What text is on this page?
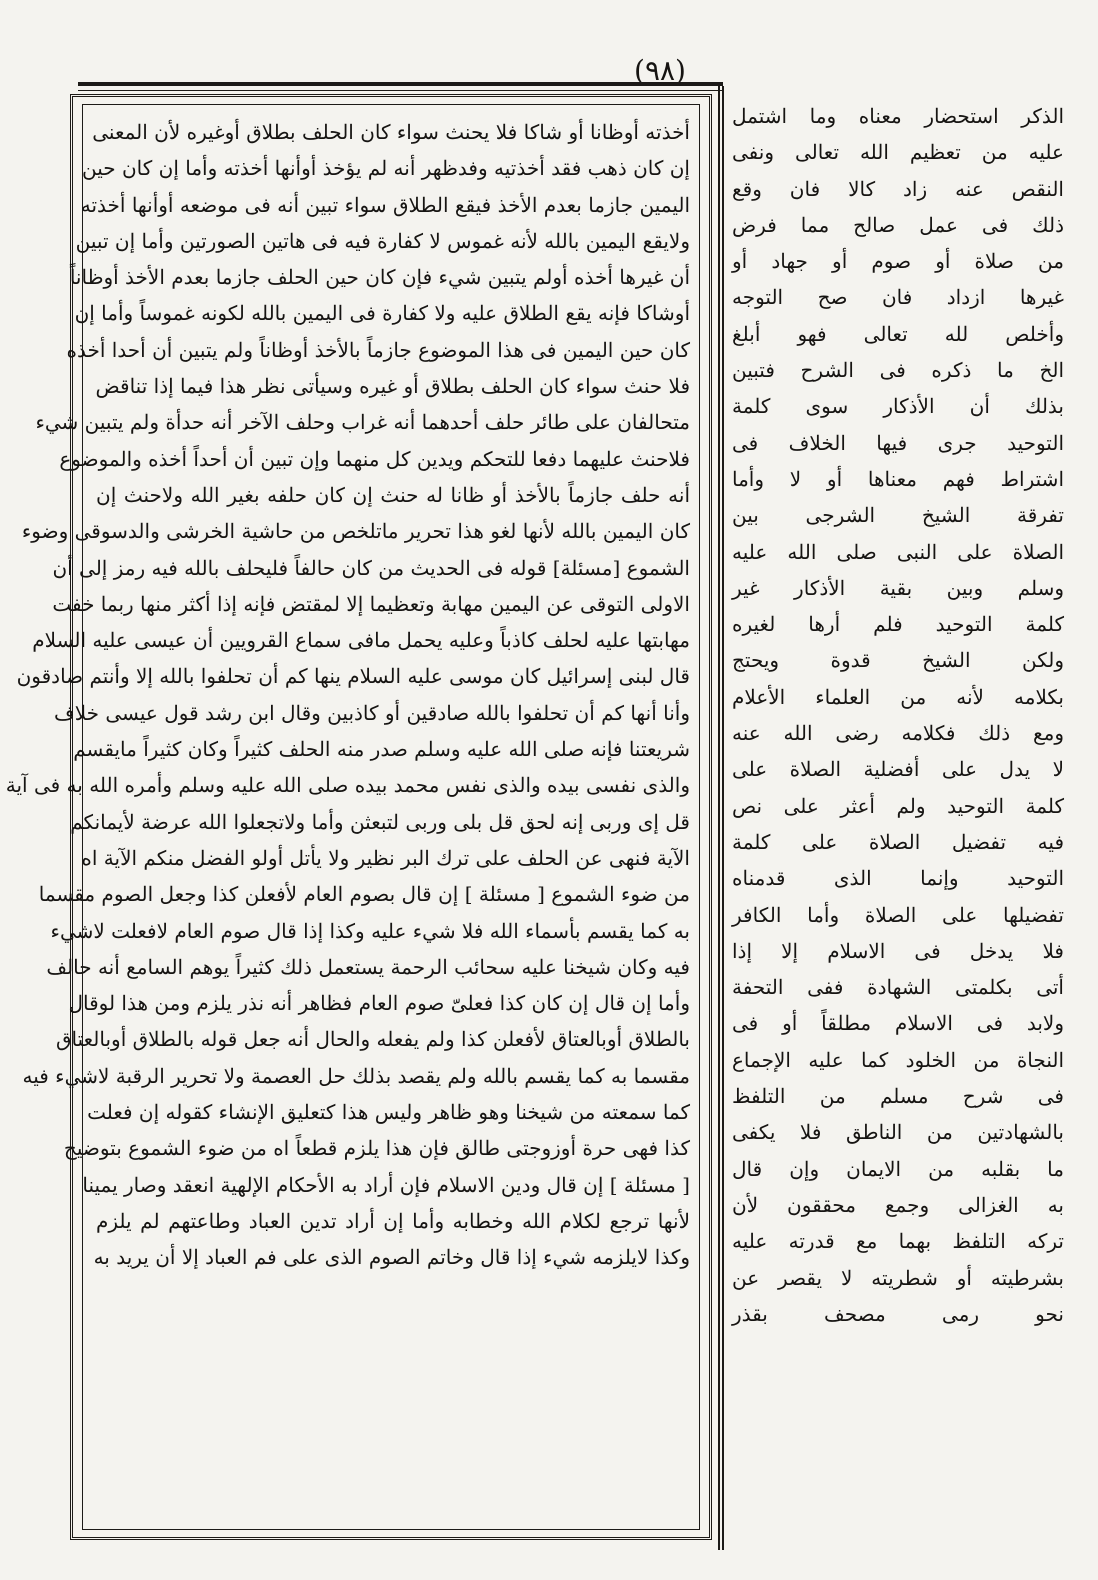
(٩٨)
أخذته أوظانا أو شاكا فلا يحنث سواء كان الحلف بطلاق أوغيره لأن المعنى
إن كان ذهب فقد أخذتيه وفدظهر أنه لم يؤخذ أوأنها أخذته وأما إن كان حين
اليمين جازما بعدم الأخذ فيقع الطلاق سواء تبين أنه فى موضعه أوأنها أخذته
ولايقع اليمين بالله لأنه غموس لا كفارة فيه فى هاتين الصورتين وأما إن تبين
أن غيرها أخذه أولم يتبين شيء فإن كان حين الحلف جازما بعدم الأخذ أوظاناً
أوشاكا فإنه يقع الطلاق عليه ولا كفارة فى اليمين بالله لكونه غموساً وأما إن
كان حين اليمين فى هذا الموضوع جازماً بالأخذ أوظاناً ولم يتبين أن أحدا أخذه
فلا حنث سواء كان الحلف بطلاق أو غيره وسيأتى نظر هذا فيما إذا تناقض
متحالفان على طائر حلف أحدهما أنه غراب وحلف الآخر أنه حدأة ولم يتبين شيء
فلاحنث عليهما دفعا للتحكم ويدين كل منهما وإن تبين أن أحداً أخذه والموضوع
أنه حلف جازماً بالأخذ أو ظانا له حنث إن كان حلفه بغير الله ولاحنث إن
كان اليمين بالله لأنها لغو هذا تحرير ماتلخص من حاشية الخرشى والدسوقى وضوء
الشموع [مسئلة] قوله فى الحديث من كان حالفاً فليحلف بالله فيه رمز إلى أن
الاولى التوقى عن اليمين مهابة وتعظيما إلا لمقتض فإنه إذا أكثر منها ربما خفت
مهابتها عليه لحلف كاذباً وعليه يحمل مافى سماع القرويين أن عيسى عليه السلام
قال لبنى إسرائيل كان موسى عليه السلام ينها كم أن تحلفوا بالله إلا وأنتم صادقون
وأنا أنها كم أن تحلفوا بالله صادقين أو كاذبين وقال ابن رشد قول عيسى خلاف
شريعتنا فإنه صلى الله عليه وسلم صدر منه الحلف كثيراً وكان كثيراً مايقسم
والذى نفسى بيده والذى نفس محمد بيده صلى الله عليه وسلم وأمره الله به فى آية
قل إى وربى إنه لحق قل بلى وربى لتبعثن وأما ولاتجعلوا الله عرضة لأيمانكم
الآية فنهى عن الحلف على ترك البر نظير ولا يأتل أولو الفضل منكم الآية اه
من ضوء الشموع [ مسئلة ] إن قال بصوم العام لأفعلن كذا وجعل الصوم مقسما
به كما يقسم بأسماء الله فلا شيء عليه وكذا إذا قال صوم العام لافعلت لاشيء
فيه وكان شيخنا عليه سحائب الرحمة يستعمل ذلك كثيراً يوهم السامع أنه حالف
وأما إن قال إن كان كذا فعلىّ صوم العام فظاهر أنه نذر يلزم ومن هذا لوقال
بالطلاق أوبالعتاق لأفعلن كذا ولم يفعله والحال أنه جعل قوله بالطلاق أوبالعتاق
مقسما به كما يقسم بالله ولم يقصد بذلك حل العصمة ولا تحرير الرقبة لاشيء فيه
كما سمعته من شيخنا وهو ظاهر وليس هذا كتعليق الإنشاء كقوله إن فعلت
كذا فهى حرة أوزوجتى طالق فإن هذا يلزم قطعاً اه من ضوء الشموع بتوضيح
[ مسئلة ] إن قال ودين الاسلام فإن أراد به الأحكام الإلهية انعقد وصار يمينا
لأنها ترجع لكلام الله وخطابه وأما إن أراد تدين العباد وطاعتهم لم يلزم
وكذا لايلزمه شيء إذا قال وخاتم الصوم الذى على فم العباد إلا أن يريد به
الذكر استحضار معناه وما اشتمل
عليه من تعظيم الله تعالى ونفى
النقص عنه زاد كالا فان وقع
ذلك فى عمل صالح مما فرض
من صلاة أو صوم أو جهاد أو
غيرها ازداد فان صح التوجه
وأخلص لله تعالى فهو أبلغ
الخ ما ذكره فى الشرح فتبين
بذلك أن الأذكار سوى كلمة
التوحيد جرى فيها الخلاف فى
اشتراط فهم معناها أو لا وأما
تفرقة الشيخ الشرجى بين
الصلاة على النبى صلى الله عليه
وسلم وبين بقية الأذكار غير
كلمة التوحيد فلم أرها لغيره
ولكن الشيخ قدوة ويحتج
بكلامه لأنه من العلماء الأعلام
ومع ذلك فكلامه رضى الله عنه
لا يدل على أفضلية الصلاة على
كلمة التوحيد ولم أعثر على نص
فيه تفضيل الصلاة على كلمة
التوحيد وإنما الذى قدمناه
تفضيلها على الصلاة وأما الكافر
فلا يدخل فى الاسلام إلا إذا
أتى بكلمتى الشهادة ففى التحفة
ولابد فى الاسلام مطلقاً أو فى
النجاة من الخلود كما عليه الإجماع
فى شرح مسلم من التلفظ
بالشهادتين من الناطق فلا يكفى
ما بقلبه من الايمان وإن قال
به الغزالى وجمع محققون لأن
تركه التلفظ بهما مع قدرته عليه
بشرطيته أو شطريته لا يقصر عن
نحو رمى مصحف بقذر
